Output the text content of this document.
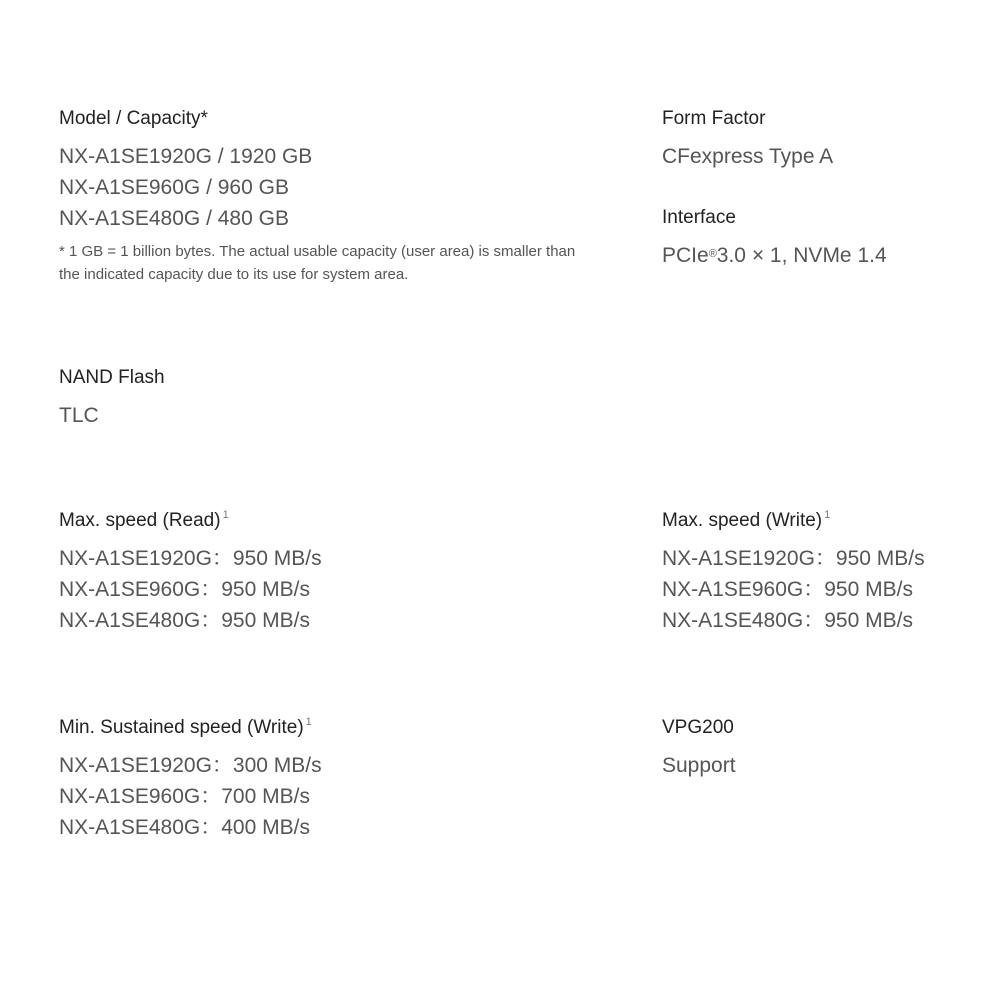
Model / Capacity*
NX-A1SE1920G / 1920 GB
NX-A1SE960G / 960 GB
NX-A1SE480G / 480 GB
* 1 GB = 1 billion bytes. The actual usable capacity (user area) is smaller than the indicated capacity due to its use for system area.
Form Factor
CFexpress Type A
Interface
PCIe®3.0 × 1, NVMe 1.4
NAND Flash
TLC
Max. speed (Read) $^1$
NX-A1SE1920G：950 MB/s
NX-A1SE960G：950 MB/s
NX-A1SE480G：950 MB/s
Max. speed (Write) $^1$
NX-A1SE1920G：950 MB/s
NX-A1SE960G：950 MB/s
NX-A1SE480G：950 MB/s
Min. Sustained speed (Write) $^1$
NX-A1SE1920G：300 MB/s
NX-A1SE960G：700 MB/s
NX-A1SE480G：400 MB/s
VPG200
Support
